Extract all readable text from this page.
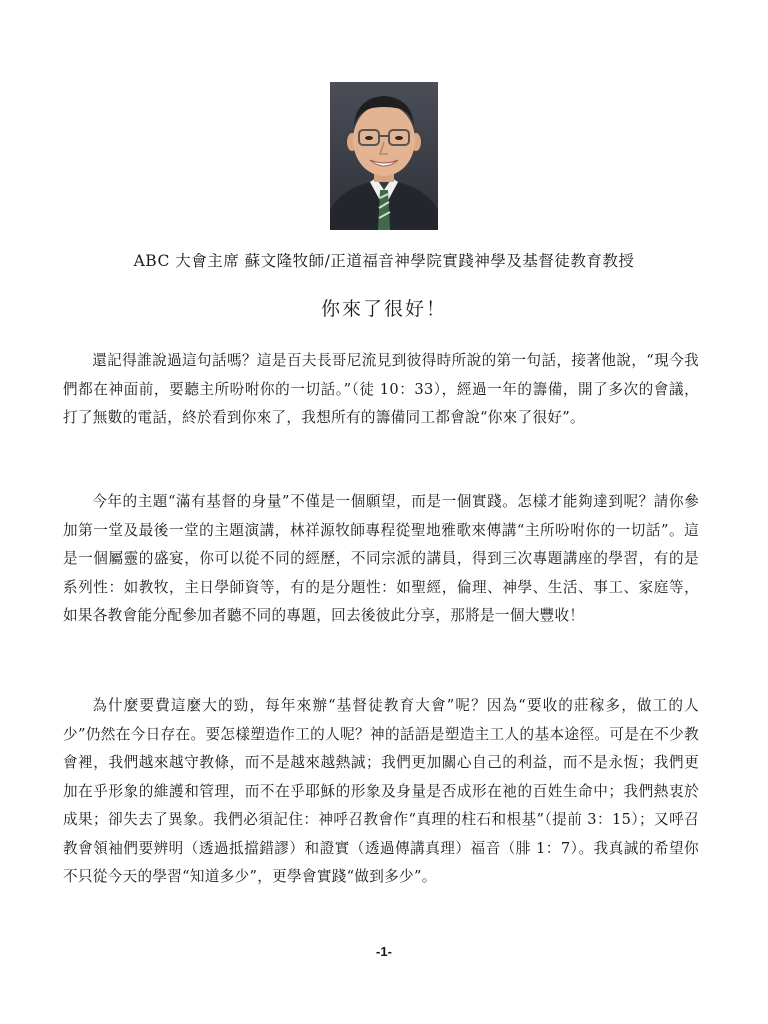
ABC 大會主席 蘇文隆牧師/正道福音神學院實踐神學及基督徒教育教授
你來了很好！

還記得誰說過這句話嗎？這是百夫長哥尼流見到彼得時所說的第一句話，接著他說，“現今我們都在神面前，要聽主所吩咐你的一切話。”（徒 10：33），經過一年的籌備，開了多次的會議，打了無數的電話，終於看到你來了，我想所有的籌備同工都會說“你來了很好”。

今年的主題“滿有基督的身量”不僅是一個願望，而是一個實踐。怎樣才能夠達到呢？請你參加第一堂及最後一堂的主題演講，林祥源牧師專程從聖地雅歌來傳講“主所吩咐你的一切話”。這是一個屬靈的盛宴，你可以從不同的經歷，不同宗派的講員，得到三次專題講座的學習，有的是系列性：如教牧，主日學師資等，有的是分題性：如聖經，倫理、神學、生活、事工、家庭等，如果各教會能分配參加者聽不同的專題，回去後彼此分享，那將是一個大豐收！

為什麼要費這麼大的勁，每年來辦“基督徒教育大會”呢？因為“要收的莊稼多，做工的人少”仍然在今日存在。要怎樣塑造作工的人呢？神的話語是塑造主工人的基本途徑。可是在不少教會裡，我們越來越守教條，而不是越來越熱誠；我們更加關心自己的利益，而不是永恆；我們更加在乎形象的維護和管理，而不在乎耶穌的形象及身量是否成形在祂的百姓生命中；我們熱衷於成果；卻失去了異象。我們必須記住：神呼召教會作“真理的柱石和根基”（提前 3：15）；又呼召教會領袖們要辨明（透過抵擋錯謬）和證實（透過傳講真理）福音（腓 1：7）。我真誠的希望你不只從今天的學習“知道多少”，更學會實踐“做到多少”。

-1-
